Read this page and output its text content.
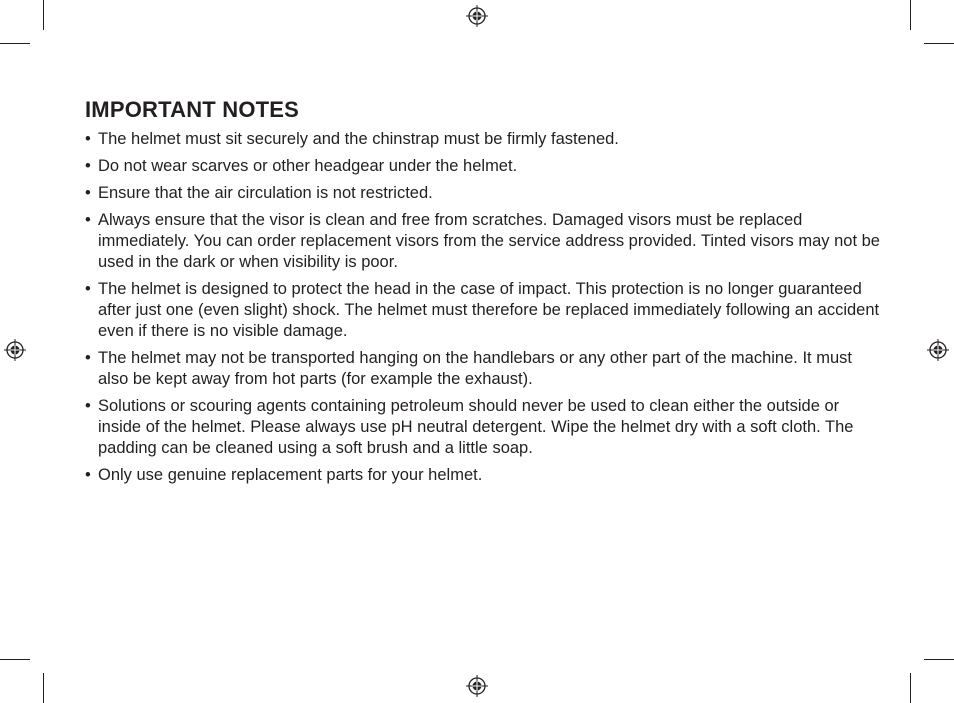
IMPORTANT NOTES
• The helmet must sit securely and the chinstrap must be firmly fastened.
• Do not wear scarves or other headgear under the helmet.
• Ensure that the air circulation is not restricted.
• Always ensure that the visor is clean and free from scratches. Damaged visors must be replaced immediately. You can order replacement visors from the service address provided. Tinted visors may not be used in the dark or when visibility is poor.
• The helmet is designed to protect the head in the case of impact. This protection is no longer guaranteed after just one (even slight) shock. The helmet must therefore be replaced immediately following an accident even if there is no visible damage.
• The helmet may not be transported hanging on the handlebars or any other part of the machine. It must also be kept away from hot parts (for example the exhaust).
• Solutions or scouring agents containing petroleum should never be used to clean either the outside or inside of the helmet. Please always use pH neutral detergent. Wipe the helmet dry with a soft cloth. The padding can be cleaned using a soft brush and a little soap.
• Only use genuine replacement parts for your helmet.
